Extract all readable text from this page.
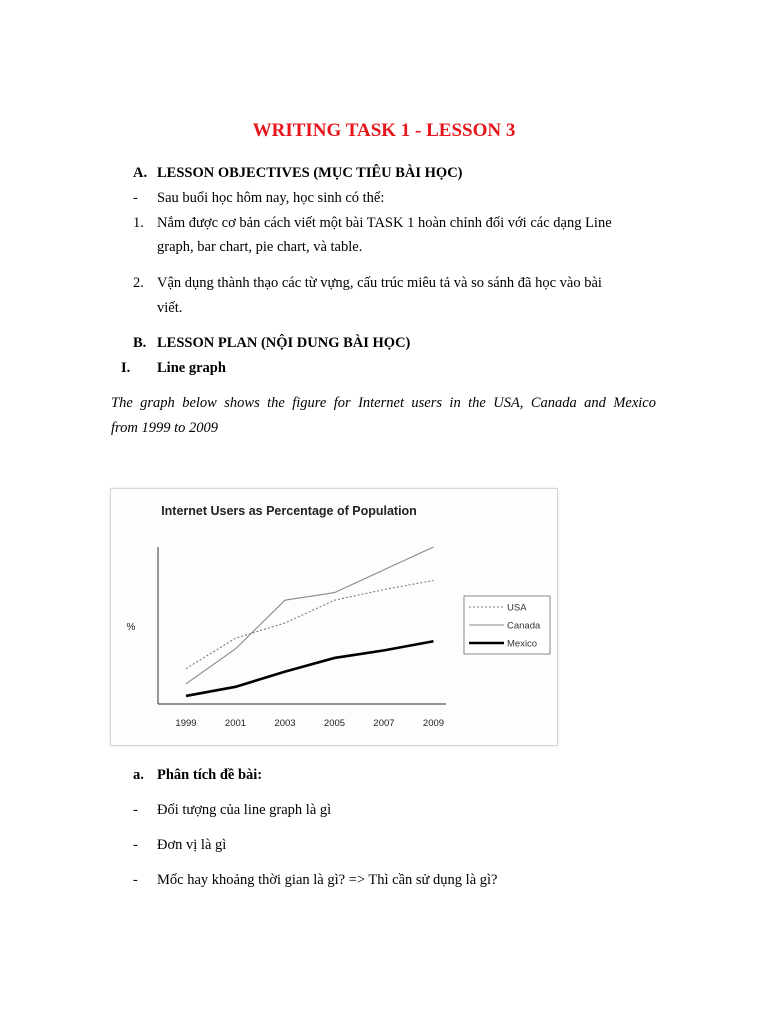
WRITING TASK 1 - LESSON 3
A. LESSON OBJECTIVES (MỤC TIÊU BÀI HỌC)
- Sau buổi học hôm nay, học sinh có thể:
1. Nắm được cơ bản cách viết một bài TASK 1 hoàn chỉnh đối với các dạng Line
graph, bar chart, pie chart, và table.
2. Vận dụng thành thạo các từ vựng, cấu trúc miêu tả và so sánh đã học vào bài
viết.
B. LESSON PLAN (NỘI DUNG BÀI HỌC)
I. Line graph
The graph below shows the figure for Internet users in the USA, Canada and Mexico
from 1999 to 2009
Internet Users as Percentage of Population
%
1999	2001	2003	2005	2007	2009
USA
Canada
Mexico
a. Phân tích đề bài:
- Đối tượng của line graph là gì
- Đơn vị là gì
- Mốc hay khoảng thời gian là gì? => Thì cần sử dụng là gì?
